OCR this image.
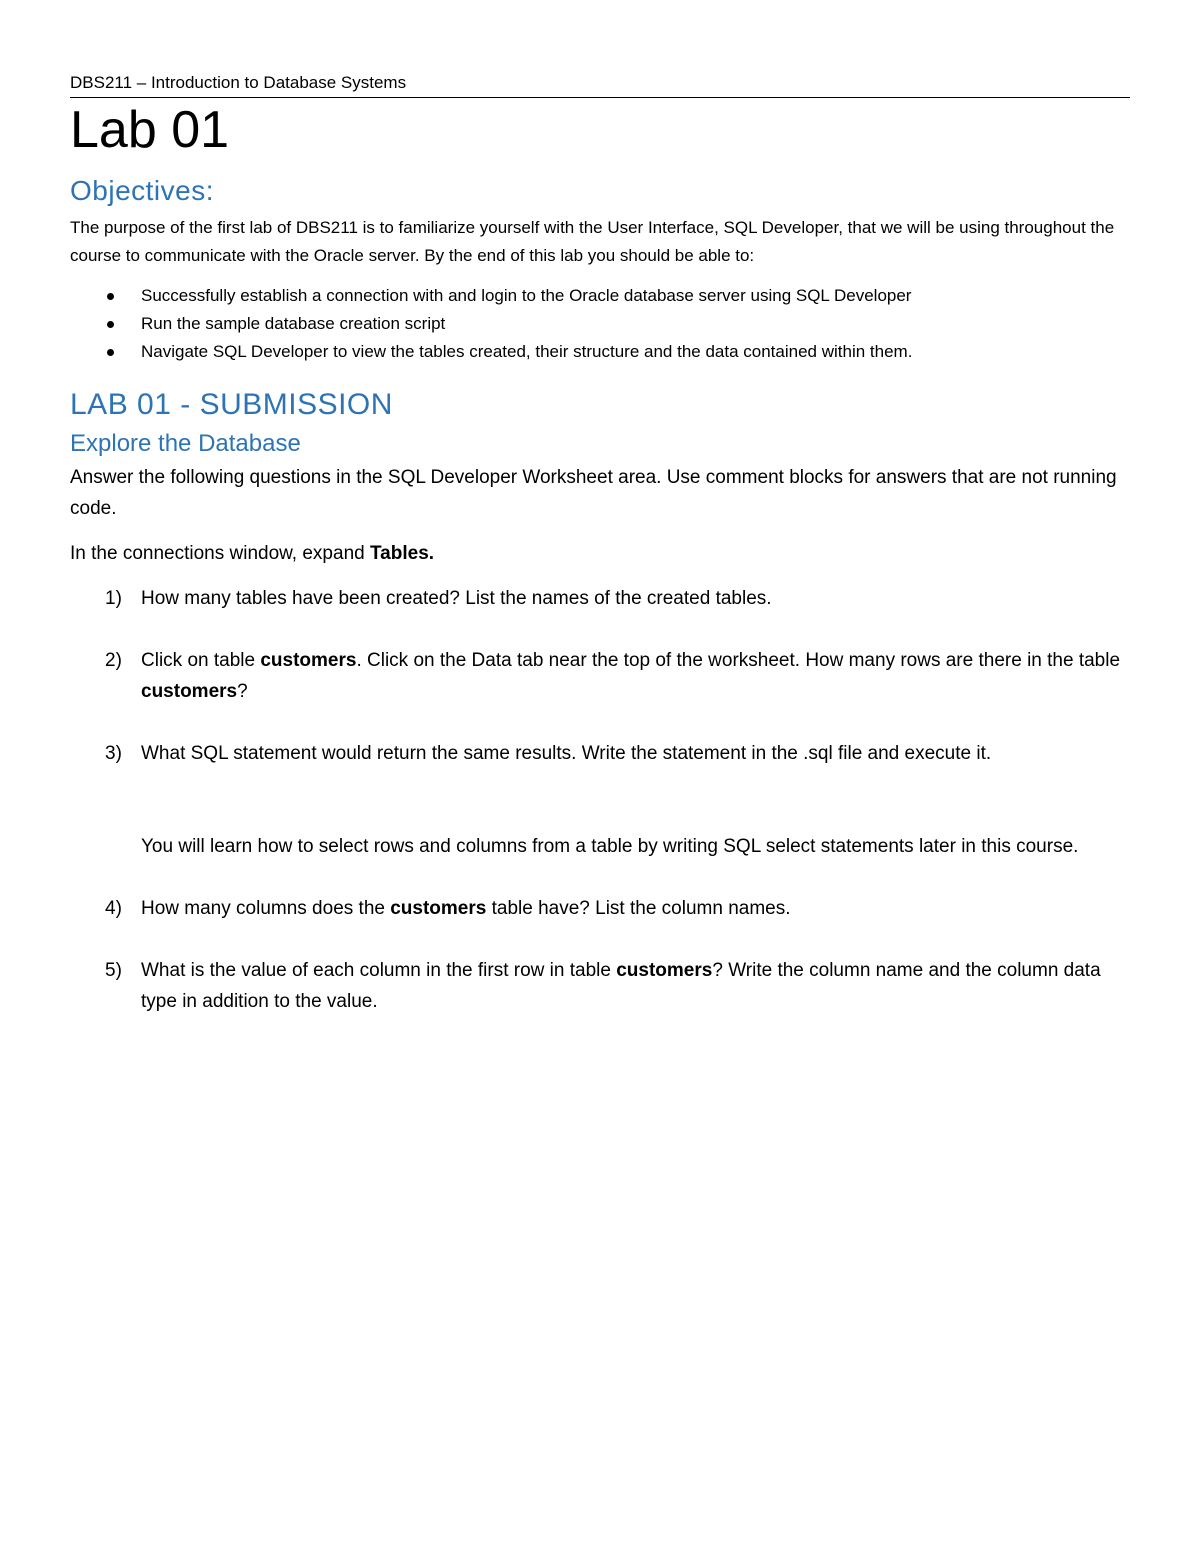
DBS211 – Introduction to Database Systems
Lab 01
Objectives:

The purpose of the first lab of DBS211 is to familiarize yourself with the User Interface, SQL Developer, that we will be using throughout the course to communicate with the Oracle server. By the end of this lab you should be able to:

Successfully establish a connection with and login to the Oracle database server using SQL Developer
Run the sample database creation script
Navigate SQL Developer to view the tables created, their structure and the data contained within them.
LAB 01 - SUBMISSION
Explore the Database

Answer the following questions in the SQL Developer Worksheet area. Use comment blocks for answers that are not running code.

In the connections window, expand Tables.

1) How many tables have been created? List the names of the created tables.
2) Click on table customers. Click on the Data tab near the top of the worksheet. How many rows are there in the table customers?
3) What SQL statement would return the same results. Write the statement in the .sql file and execute it.
You will learn how to select rows and columns from a table by writing SQL select statements later in this course.
4) How many columns does the customers table have? List the column names.
5) What is the value of each column in the first row in table customers? Write the column name and the column data type in addition to the value.
